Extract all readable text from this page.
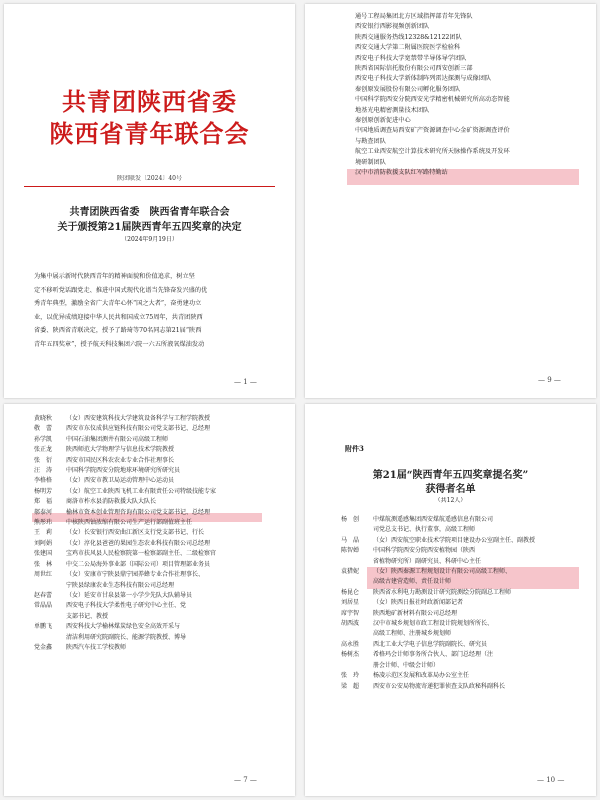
共青团陕西省委
陕西省青年联合会
陕团联发〔2024〕40号
共青团陕西省委　陕西省青年联合会
关于颁授第21届陕西青年五四奖章的决定
（2024年9月19日）
为集中展示新时代陕西青年的精神面貌和价值追求，树立坚
定不移听党话跟党走、推进中国式现代化谱当先锋奋发兴盛的优
秀青年典型，激励全省广大青年心怀“国之大者”，奋勇建功立
业，以优异成绩迎接中华人民共和国成立75周年，共青团陕西
省委、陕西省青联决定，授予了路琦等70名同志第21届“陕西
青年五四奖章”，授予航天科技集团六院一六五所液氧煤油发动
— 1 —
通号工程局集团北方区域指挥部青年先锋队
西安银行西影视频创新团队
陕西交通服务热线12328&12122团队
西安交通大学第二附属医院医学检验科
西安电子科技大学宽禁带半导体导学团队
陕西省国际信托股份有限公司西安创新三部
西安电子科技大学新体制阵列雷达探测与成像团队
秦创原发展股份有限公司孵化服务团队
中国科学院西安分院西安光学精密机械研究所高动态智能
地基光电精密测量技术团队
秦创原创新促进中心
中国地质调查局西安矿产资源调查中心金矿资源调查评价
与勘查团队
航空工业西安航空计算技术研究所天脉操作系统及开发环
境研制团队
汉中市消防救援支队红军路特勤站
— 9 —
黄晓秋 （女）西安建筑科技大学建筑设备科学与工程学院教授
敬　蕾 西安市东仪成供应链科技有限公司党支部书记、总经理
孙学凯 中国石油集团测井有限公司高级工程师
张正龙 陕西师范大学物理学与信息技术学院教授
张　衍 西安市国民区科农农业专业合作社理事长
汪　涛 中国科学院西安分院地球环境研究所研究员
李格格 （女）西安市教卫局运动管理中心运动员
杨明芳 （女）航空工业陕西飞机工业有限责任公司特级技能专家
郑　福 商洛市柞水县消防救援大队大队长
郝泰河 榆林市资本创业管理咨询有限公司党支部书记、总经理
熊彤玮 中核陕西铀浓缩有限公司生产运行部副值班主任
王　莉 （女）长安银行西安曲江新区支行党支部书记、行长
刘阿娟 （女）淳化县爸爸的果园生态农业科技有限公司总经理
张建国 宝鸡市扶风县人民检察院第一检察部副主任、二级检察官
张　林 中交二公局海外事业部（国际公司）项目管理部业务员
周世红 （女）安康市宁陕县鼎宁园养蜂专业合作社理事长、
宁陕县绿康农业生态科技有限公司总经理
赵春蕾 （女）延安市甘泉县第一小学少先队大队辅导员
常晶晶 西安电子科技大学柔性电子研究中心主任、党
支部书记、教授
单鹏飞 西安科技大学榆林煤炭绿色安全高效开采与
清洁利用研究院副院长、能源学院教授、博导
党金鑫 陕西汽车技工学校教师
— 7 —
附件3
第21届“陕西青年五四奖章提名奖”
获得者名单
（共12人）
杨　创 中煤航测遥感集团西安煤航遥感信息有限公司
司党总支书记、执行董事，高级工程师
马　晶 （女）西安航空职业技术学院项目建设办公室副主任、副教授
陈智婵 中国科学院西安分院西安植物园（陕西
省植物研究所）副研究员、科研中心主任
袁猎妮 （女）陕西秦源工程规划设计有限公司高级工程师、
高级古建营造师、责任设计师
杨昆仑 陕西省水利电力勘测设计研究院测绘分院副总工程师
刘居星 （女）陕西日报社时政新闻部记者
席宇智 陕西地矿新材料有限公司总经理
胡西波 汉中市城乡规划市政工程设计院规划所所长、
高级工程师、注册城乡规划师
高永胜 西北工业大学电子信息学院副院长、研究员
杨树杰 希格玛会计师事务所合伙人、部门总经理（注
册会计师、中级会计师）
张　玲 杨凌示范区发展和改革局办公室主任
梁　超 西安市公安局物流寄递犯罪侦查支队政秘科副科长
— 10 —
